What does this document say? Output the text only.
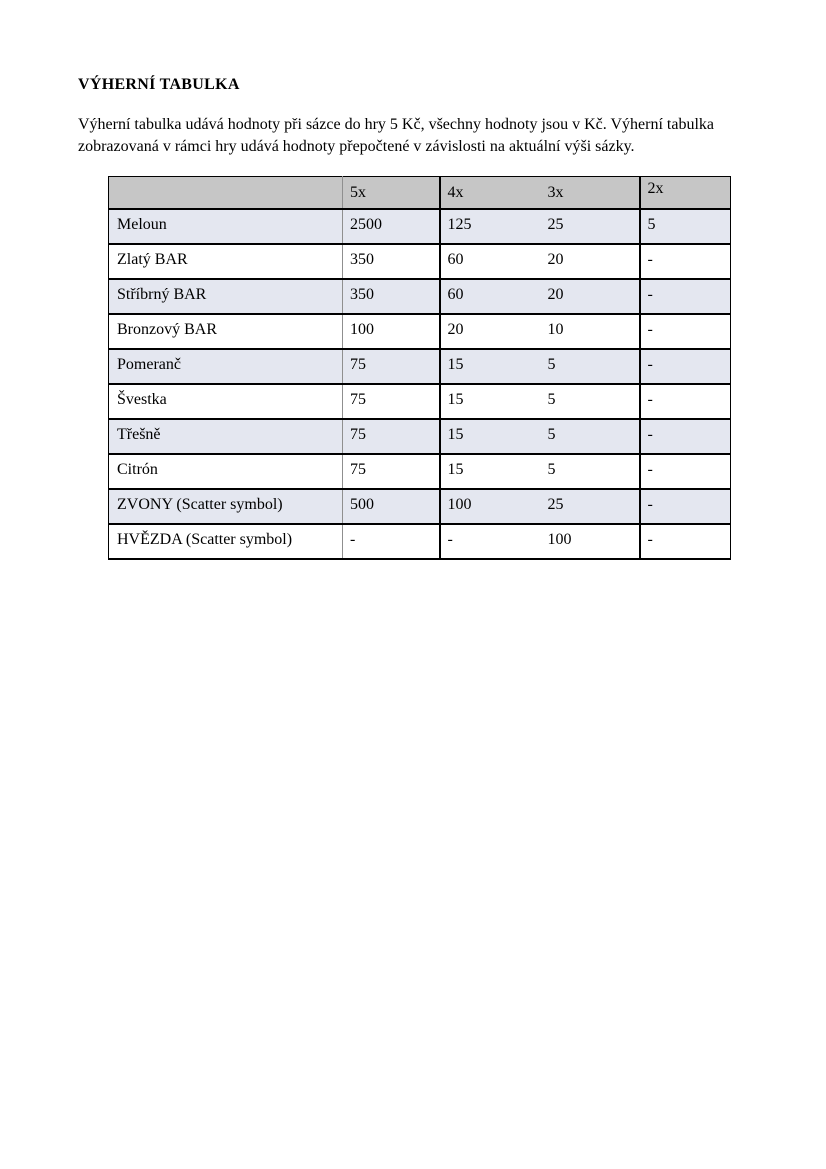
VÝHERNÍ TABULKA
Výherní tabulka udává hodnoty při sázce do hry 5 Kč, všechny hodnoty jsou v Kč. Výherní tabulka
zobrazovaná v rámci hry udává hodnoty přepočtené v závislosti na aktuální výši sázky.
	5x	4x	3x	2x
Meloun	2500	125	25	5
Zlatý BAR	350	60	20	-
Stříbrný BAR	350	60	20	-
Bronzový BAR	100	20	10	-
Pomeranč	75	15	5	-
Švestka	75	15	5	-
Třešně	75	15	5	-
Citrón	75	15	5	-
ZVONY (Scatter symbol)	500	100	25	-
HVĚZDA (Scatter symbol)	-	-	100	-
